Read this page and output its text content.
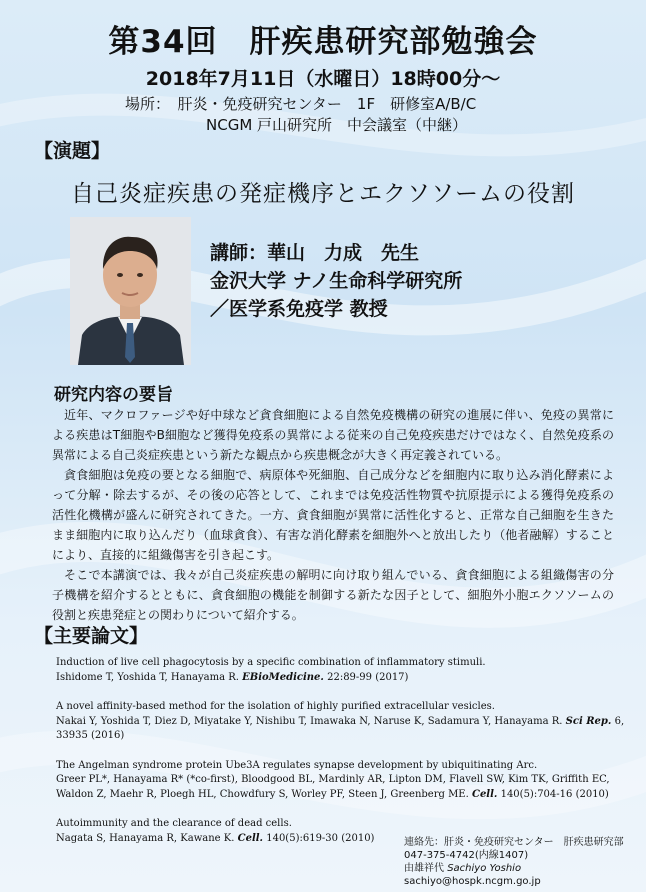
第34回　肝疾患研究部勉強会
2018年7月11日（水曜日）18時00分～
場所：　肝炎・免疫研究センター　1F　研修室A/B/C
NCGM 戸山研究所　中会議室（中継）
【演題】
自己炎症疾患の発症機序とエクソソームの役割
講師：華山　力成　先生
金沢大学 ナノ生命科学研究所
／医学系免疫学 教授
研究内容の要旨

近年、マクロファージや好中球など貪食細胞による自然免疫機構の研究の進展に伴い、免疫の異常による疾患はT細胞やB細胞など獲得免疫系の異常による従来の自己免疫疾患だけではなく、自然免疫系の異常による自己炎症疾患という新たな観点から疾患概念が大きく再定義されている。

貪食細胞は免疫の要となる細胞で、病原体や死細胞、自己成分などを細胞内に取り込み消化酵素によって分解・除去するが、その後の応答として、これまでは免疫活性物質や抗原提示による獲得免疫系の活性化機構が盛んに研究されてきた。一方、貪食細胞が異常に活性化すると、正常な自己細胞を生きたまま細胞内に取り込んだり（血球貪食）、有害な消化酵素を細胞外へと放出したり（他者融解）することにより、直接的に組織傷害を引き起こす。

そこで本講演では、我々が自己炎症疾患の解明に向け取り組んでいる、貪食細胞による組織傷害の分子機構を紹介するとともに、貪食細胞の機能を制御する新たな因子として、細胞外小胞エクソソームの役割と疾患発症との関わりについて紹介する。

【主要論文】
Induction of live cell phagocytosis by a specific combination of inflammatory stimuli.
Ishidome T, Yoshida T, Hanayama R. EBioMedicine. 22:89-99 (2017)
A novel affinity-based method for the isolation of highly purified extracellular vesicles.
Nakai Y, Yoshida T, Diez D, Miyatake Y, Nishibu T, Imawaka N, Naruse K, Sadamura Y, Hanayama R. Sci Rep. 6, 33935 (2016)
The Angelman syndrome protein Ube3A regulates synapse development by ubiquitinating Arc.
Greer PL*, Hanayama R* (*co-first), Bloodgood BL, Mardinly AR, Lipton DM, Flavell SW, Kim TK, Griffith EC, Waldon Z, Maehr R, Ploegh HL, Chowdfury S, Worley PF, Steen J, Greenberg ME. Cell. 140(5):704-16 (2010)
Autoimmunity and the clearance of dead cells.
Nagata S, Hanayama R, Kawane K. Cell. 140(5):619-30 (2010)	連絡先：肝炎・免疫研究センター　肝疾患研究部
047-375-4742(内線1407)
由雄祥代 Sachiyo Yoshio   sachiyo@hospk.ncgm.go.jp
